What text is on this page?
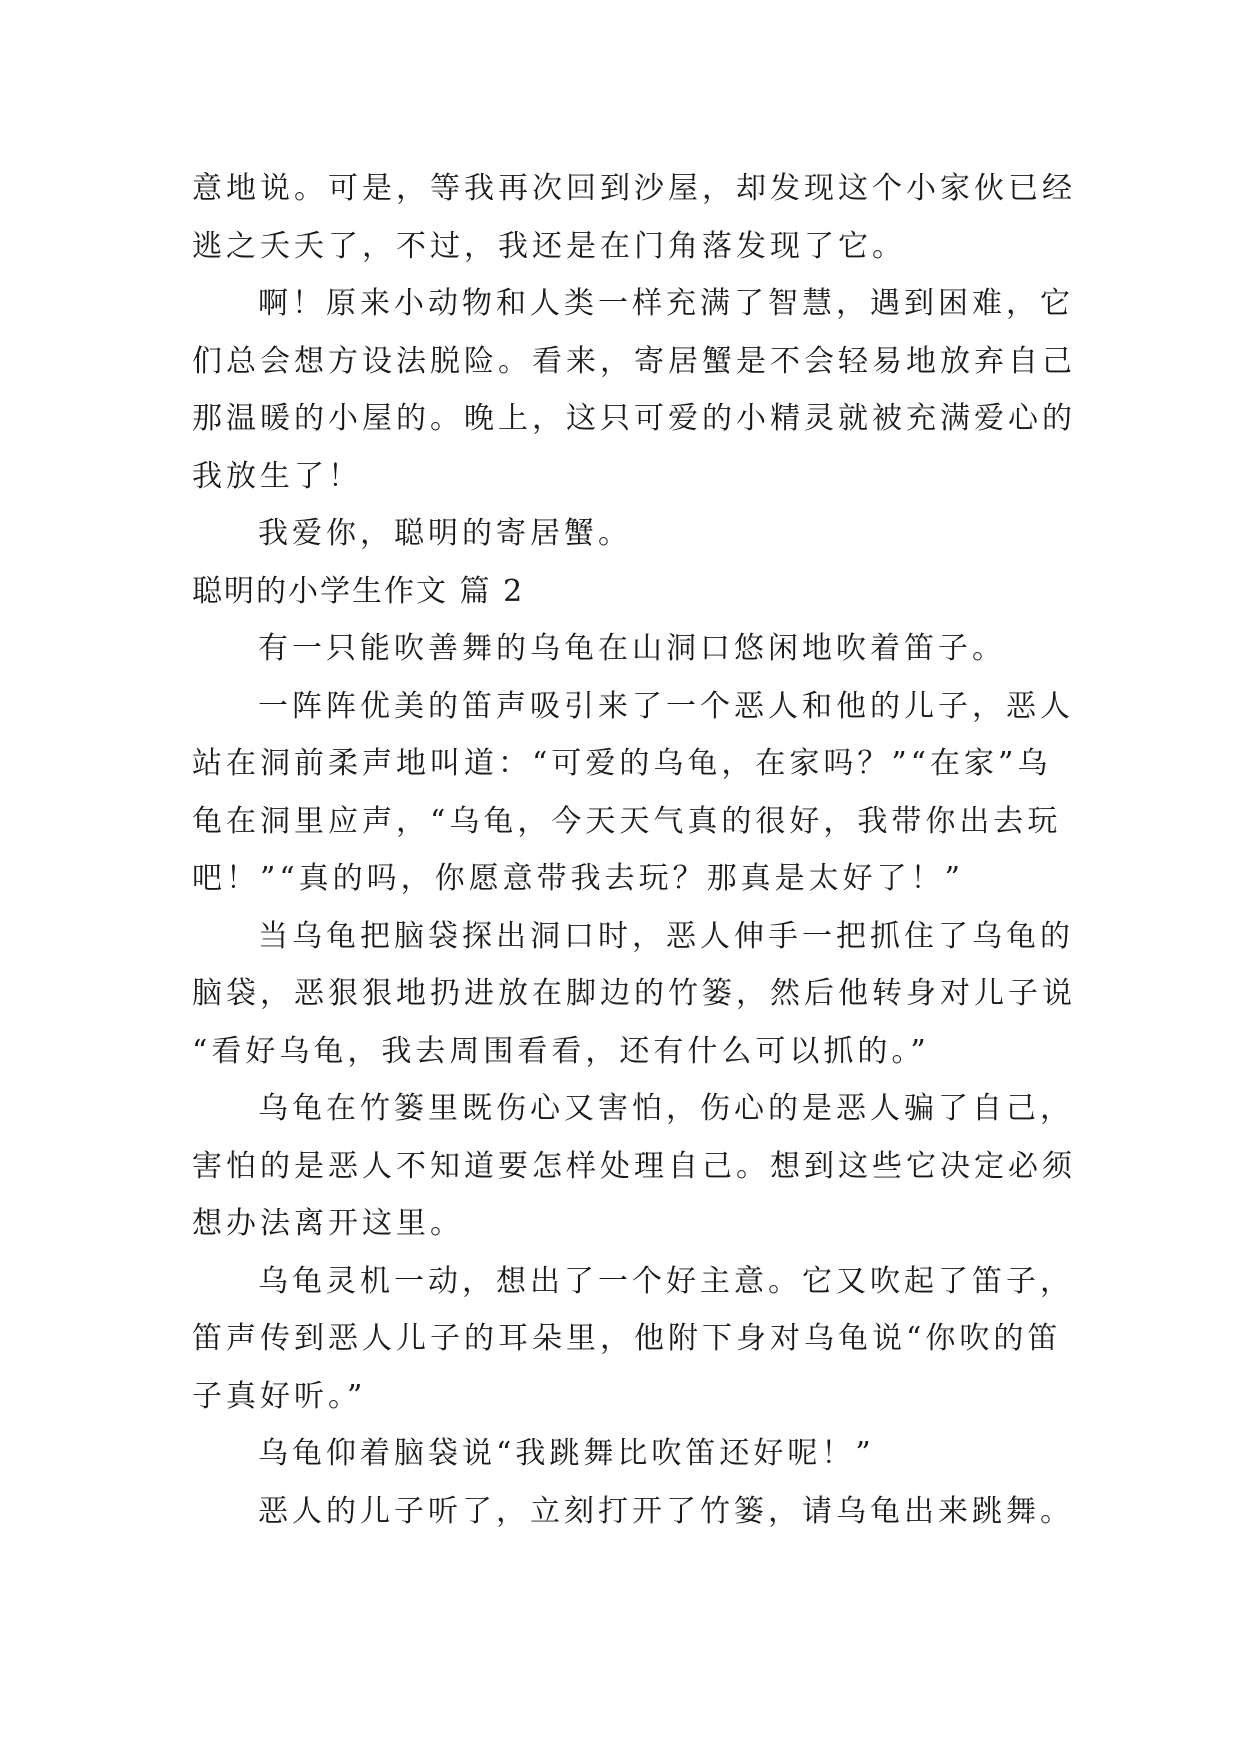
意地说。可是，等我再次回到沙屋，却发现这个小家伙已经
逃之夭夭了，不过，我还是在门角落发现了它。
啊！原来小动物和人类一样充满了智慧，遇到困难，它
们总会想方设法脱险。看来，寄居蟹是不会轻易地放弃自己
那温暖的小屋的。晚上，这只可爱的小精灵就被充满爱心的
我放生了！
我爱你，聪明的寄居蟹。
聪明的小学生作文 篇 2
有一只能吹善舞的乌龟在山洞口悠闲地吹着笛子。
一阵阵优美的笛声吸引来了一个恶人和他的儿子，恶人
站在洞前柔声地叫道：“可爱的乌龟，在家吗？”“在家”乌
龟在洞里应声，“乌龟，今天天气真的很好，我带你出去玩
吧！”“真的吗，你愿意带我去玩？那真是太好了！”
当乌龟把脑袋探出洞口时，恶人伸手一把抓住了乌龟的
脑袋，恶狠狠地扔进放在脚边的竹篓，然后他转身对儿子说
“看好乌龟，我去周围看看，还有什么可以抓的。”
乌龟在竹篓里既伤心又害怕，伤心的是恶人骗了自己，
害怕的是恶人不知道要怎样处理自己。想到这些它决定必须
想办法离开这里。
乌龟灵机一动，想出了一个好主意。它又吹起了笛子，
笛声传到恶人儿子的耳朵里，他附下身对乌龟说“你吹的笛
子真好听。”
乌龟仰着脑袋说“我跳舞比吹笛还好呢！”
恶人的儿子听了，立刻打开了竹篓，请乌龟出来跳舞。
